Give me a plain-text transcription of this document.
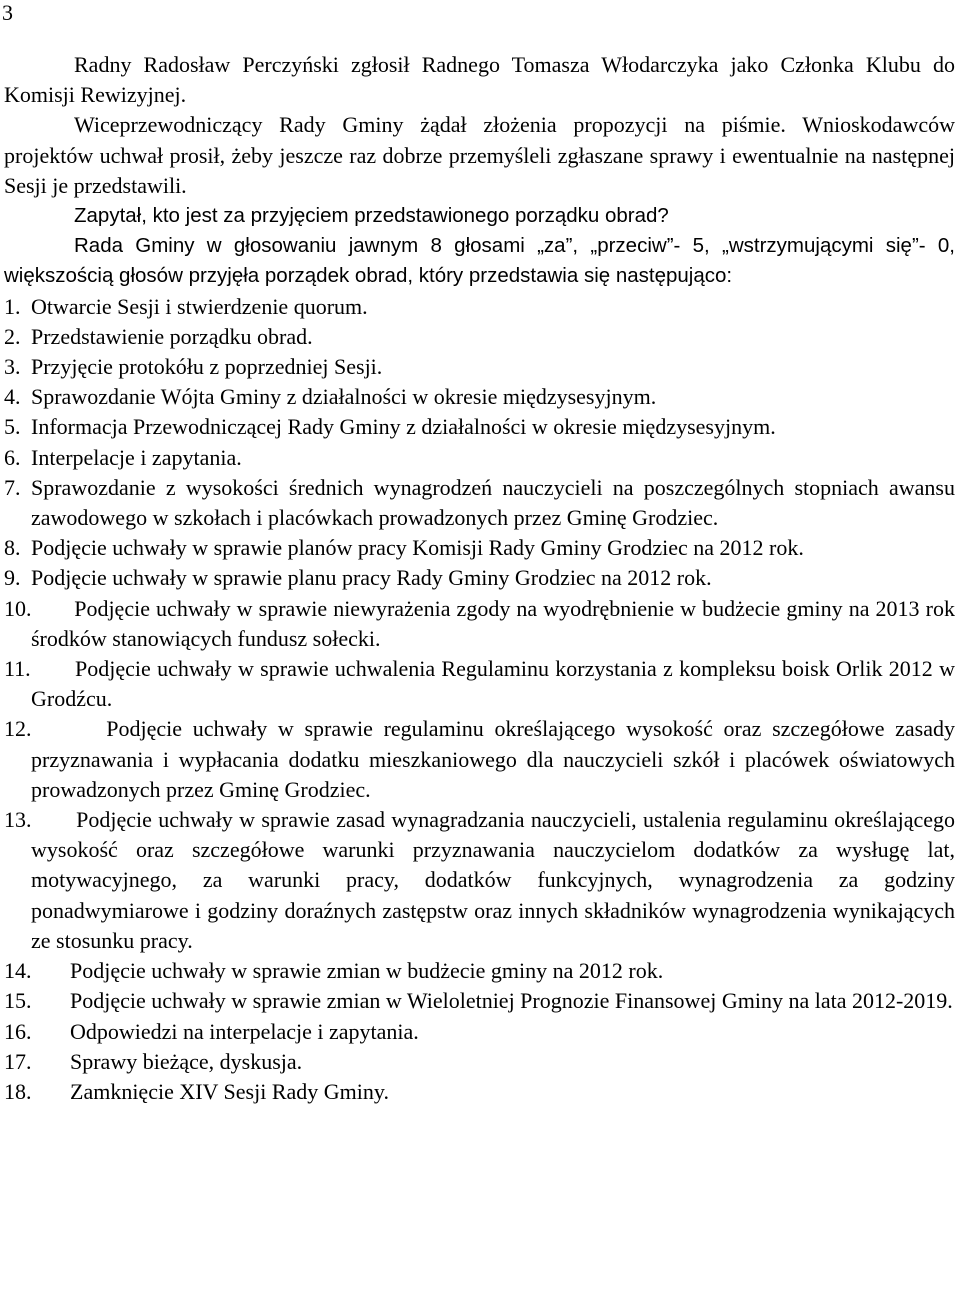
3

Radny Radosław Perczyński zgłosił Radnego Tomasza Włodarczyka jako Członka Klubu do Komisji Rewizyjnej.

Wiceprzewodniczący Rady Gminy żądał złożenia propozycji na piśmie. Wnioskodawców projektów uchwał prosił, żeby jeszcze raz dobrze przemyśleli zgłaszane sprawy i ewentualnie na następnej Sesji je przedstawili.

Zapytał, kto jest za przyjęciem przedstawionego porządku obrad?

Rada Gminy w głosowaniu jawnym 8 głosami „za”, „przeciw”- 5, „wstrzymującymi się”- 0, większością głosów przyjęła porządek obrad, który przedstawia się następująco:

1. Otwarcie Sesji i stwierdzenie quorum.
2. Przedstawienie porządku obrad.
3. Przyjęcie protokółu z poprzedniej Sesji.
4. Sprawozdanie Wójta Gminy z działalności w okresie międzysesyjnym.
5. Informacja Przewodniczącej Rady Gminy z działalności w okresie międzysesyjnym.
6. Interpelacje i zapytania.
7. Sprawozdanie z wysokości średnich wynagrodzeń nauczycieli na poszczególnych stopniach awansu zawodowego w szkołach i placówkach prowadzonych przez Gminę Grodziec.
8. Podjęcie uchwały w sprawie planów pracy Komisji Rady Gminy Grodziec na 2012 rok.
9. Podjęcie uchwały w sprawie planu pracy Rady Gminy Grodziec na 2012 rok.
10. Podjęcie uchwały w sprawie niewyrażenia zgody na wyodrębnienie w budżecie gminy na 2013 rok środków stanowiących fundusz sołecki.
11. Podjęcie uchwały w sprawie uchwalenia Regulaminu korzystania z kompleksu boisk Orlik 2012 w Grodźcu.
12.	Podjęcie uchwały w sprawie regulaminu określającego wysokość oraz szczegółowe zasady przyznawania i wypłacania dodatku mieszkaniowego dla nauczycieli szkół i placówek oświatowych prowadzonych przez Gminę Grodziec.
13. Podjęcie uchwały w sprawie zasad wynagradzania nauczycieli, ustalenia regulaminu określającego wysokość oraz szczegółowe warunki przyznawania nauczycielom dodatków za wysługę lat, motywacyjnego, za warunki pracy, dodatków funkcyjnych, wynagrodzenia za godziny ponadwymiarowe i godziny doraźnych zastępstw oraz innych składników wynagrodzenia wynikających ze stosunku pracy.
14. Podjęcie uchwały w sprawie zmian w budżecie gminy na 2012 rok.
15. Podjęcie uchwały w sprawie zmian w Wieloletniej Prognozie Finansowej Gminy na lata 2012-2019.
16. Odpowiedzi na interpelacje i zapytania.
17. Sprawy bieżące, dyskusja.
18. Zamknięcie XIV Sesji Rady Gminy.
